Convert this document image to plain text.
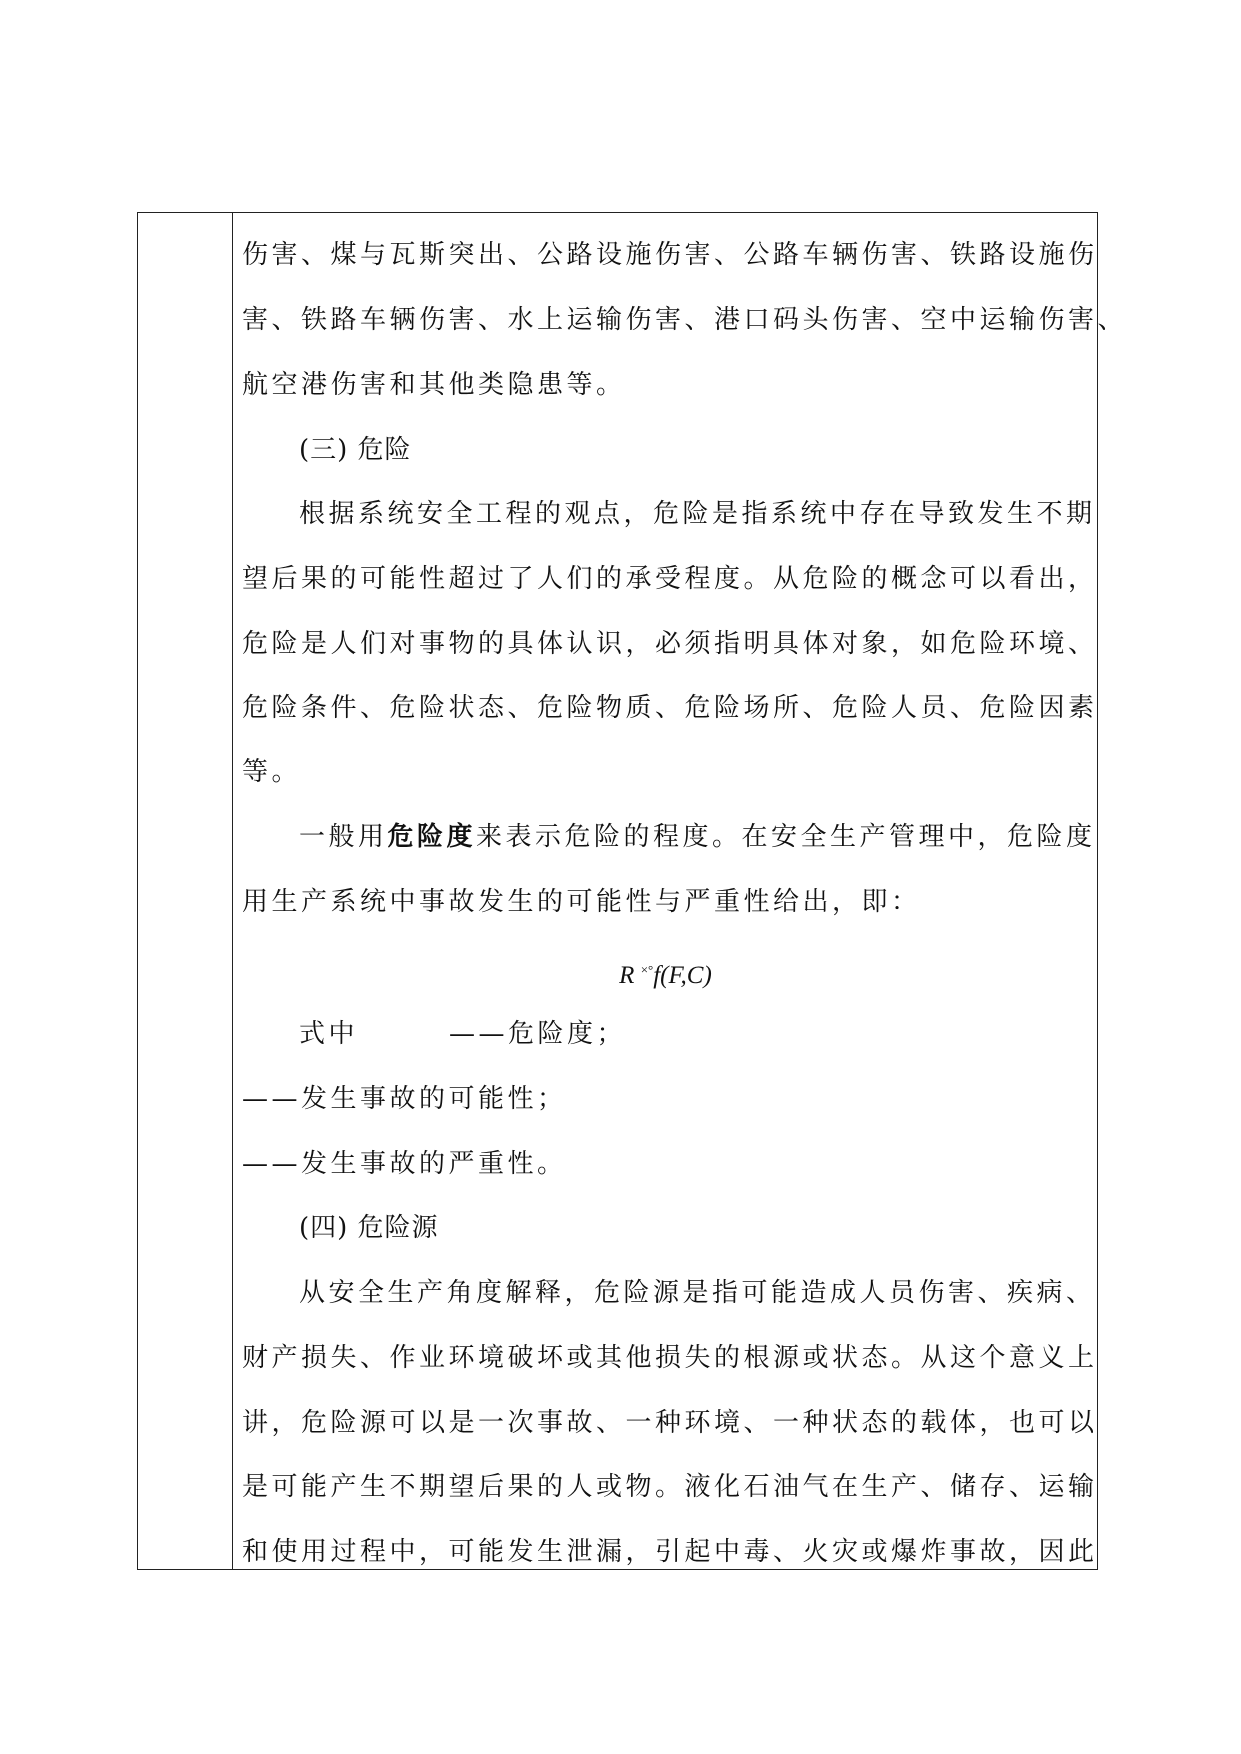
伤害、煤与瓦斯突出、公路设施伤害、公路车辆伤害、铁路设施伤
害、铁路车辆伤害、水上运输伤害、港口码头伤害、空中运输伤害、
航空港伤害和其他类隐患等。
(三) 危险
根据系统安全工程的观点，危险是指系统中存在导致发生不期
望后果的可能性超过了人们的承受程度。从危险的概念可以看出，
危险是人们对事物的具体认识，必须指明具体对象，如危险环境、
危险条件、危险状态、危险物质、危险场所、危险人员、危险因素
等。
一般用危险度来表示危险的程度。在安全生产管理中，危险度
用生产系统中事故发生的可能性与严重性给出，即：
R ×°f(F,C)
式中	——危险度；
——发生事故的可能性；
——发生事故的严重性。
(四) 危险源
从安全生产角度解释，危险源是指可能造成人员伤害、疾病、
财产损失、作业环境破坏或其他损失的根源或状态。从这个意义上
讲，危险源可以是一次事故、一种环境、一种状态的载体，也可以
是可能产生不期望后果的人或物。液化石油气在生产、储存、运输
和使用过程中，可能发生泄漏，引起中毒、火灾或爆炸事故，因此
